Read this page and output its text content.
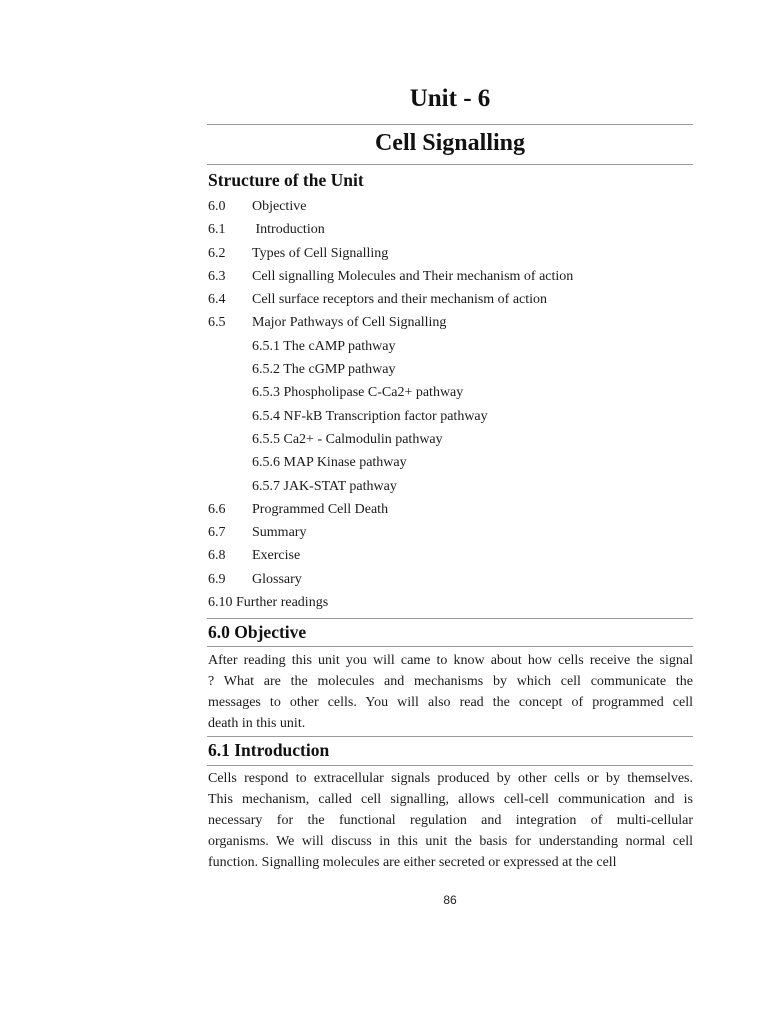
Unit - 6
Cell Signalling
Structure of the Unit
6.0 Objective
6.1 Introduction
6.2 Types of Cell Signalling
6.3 Cell signalling Molecules and Their mechanism of action
6.4 Cell surface receptors and their mechanism of action
6.5 Major Pathways of Cell Signalling
6.5.1 The cAMP pathway
6.5.2 The cGMP pathway
6.5.3 Phospholipase C-Ca2+ pathway
6.5.4 NF-kB Transcription factor pathway
6.5.5 Ca2+ - Calmodulin pathway
6.5.6 MAP Kinase pathway
6.5.7 JAK-STAT pathway
6.6 Programmed Cell Death
6.7 Summary
6.8 Exercise
6.9 Glossary
6.10 Further readings
6.0 Objective
After reading this unit you will came to know about how cells receive the signal
? What are the molecules and mechanisms by which cell communicate the
messages to other cells. You will also read the concept of programmed cell
death in this unit.
6.1 Introduction
Cells respond to extracellular signals produced by other cells or by themselves.
This mechanism, called cell signalling, allows cell-cell communication and is
necessary for the functional regulation and integration of multi-cellular
organisms. We will discuss in this unit the basis for understanding normal cell
function. Signalling molecules are either secreted or expressed at the cell
86
